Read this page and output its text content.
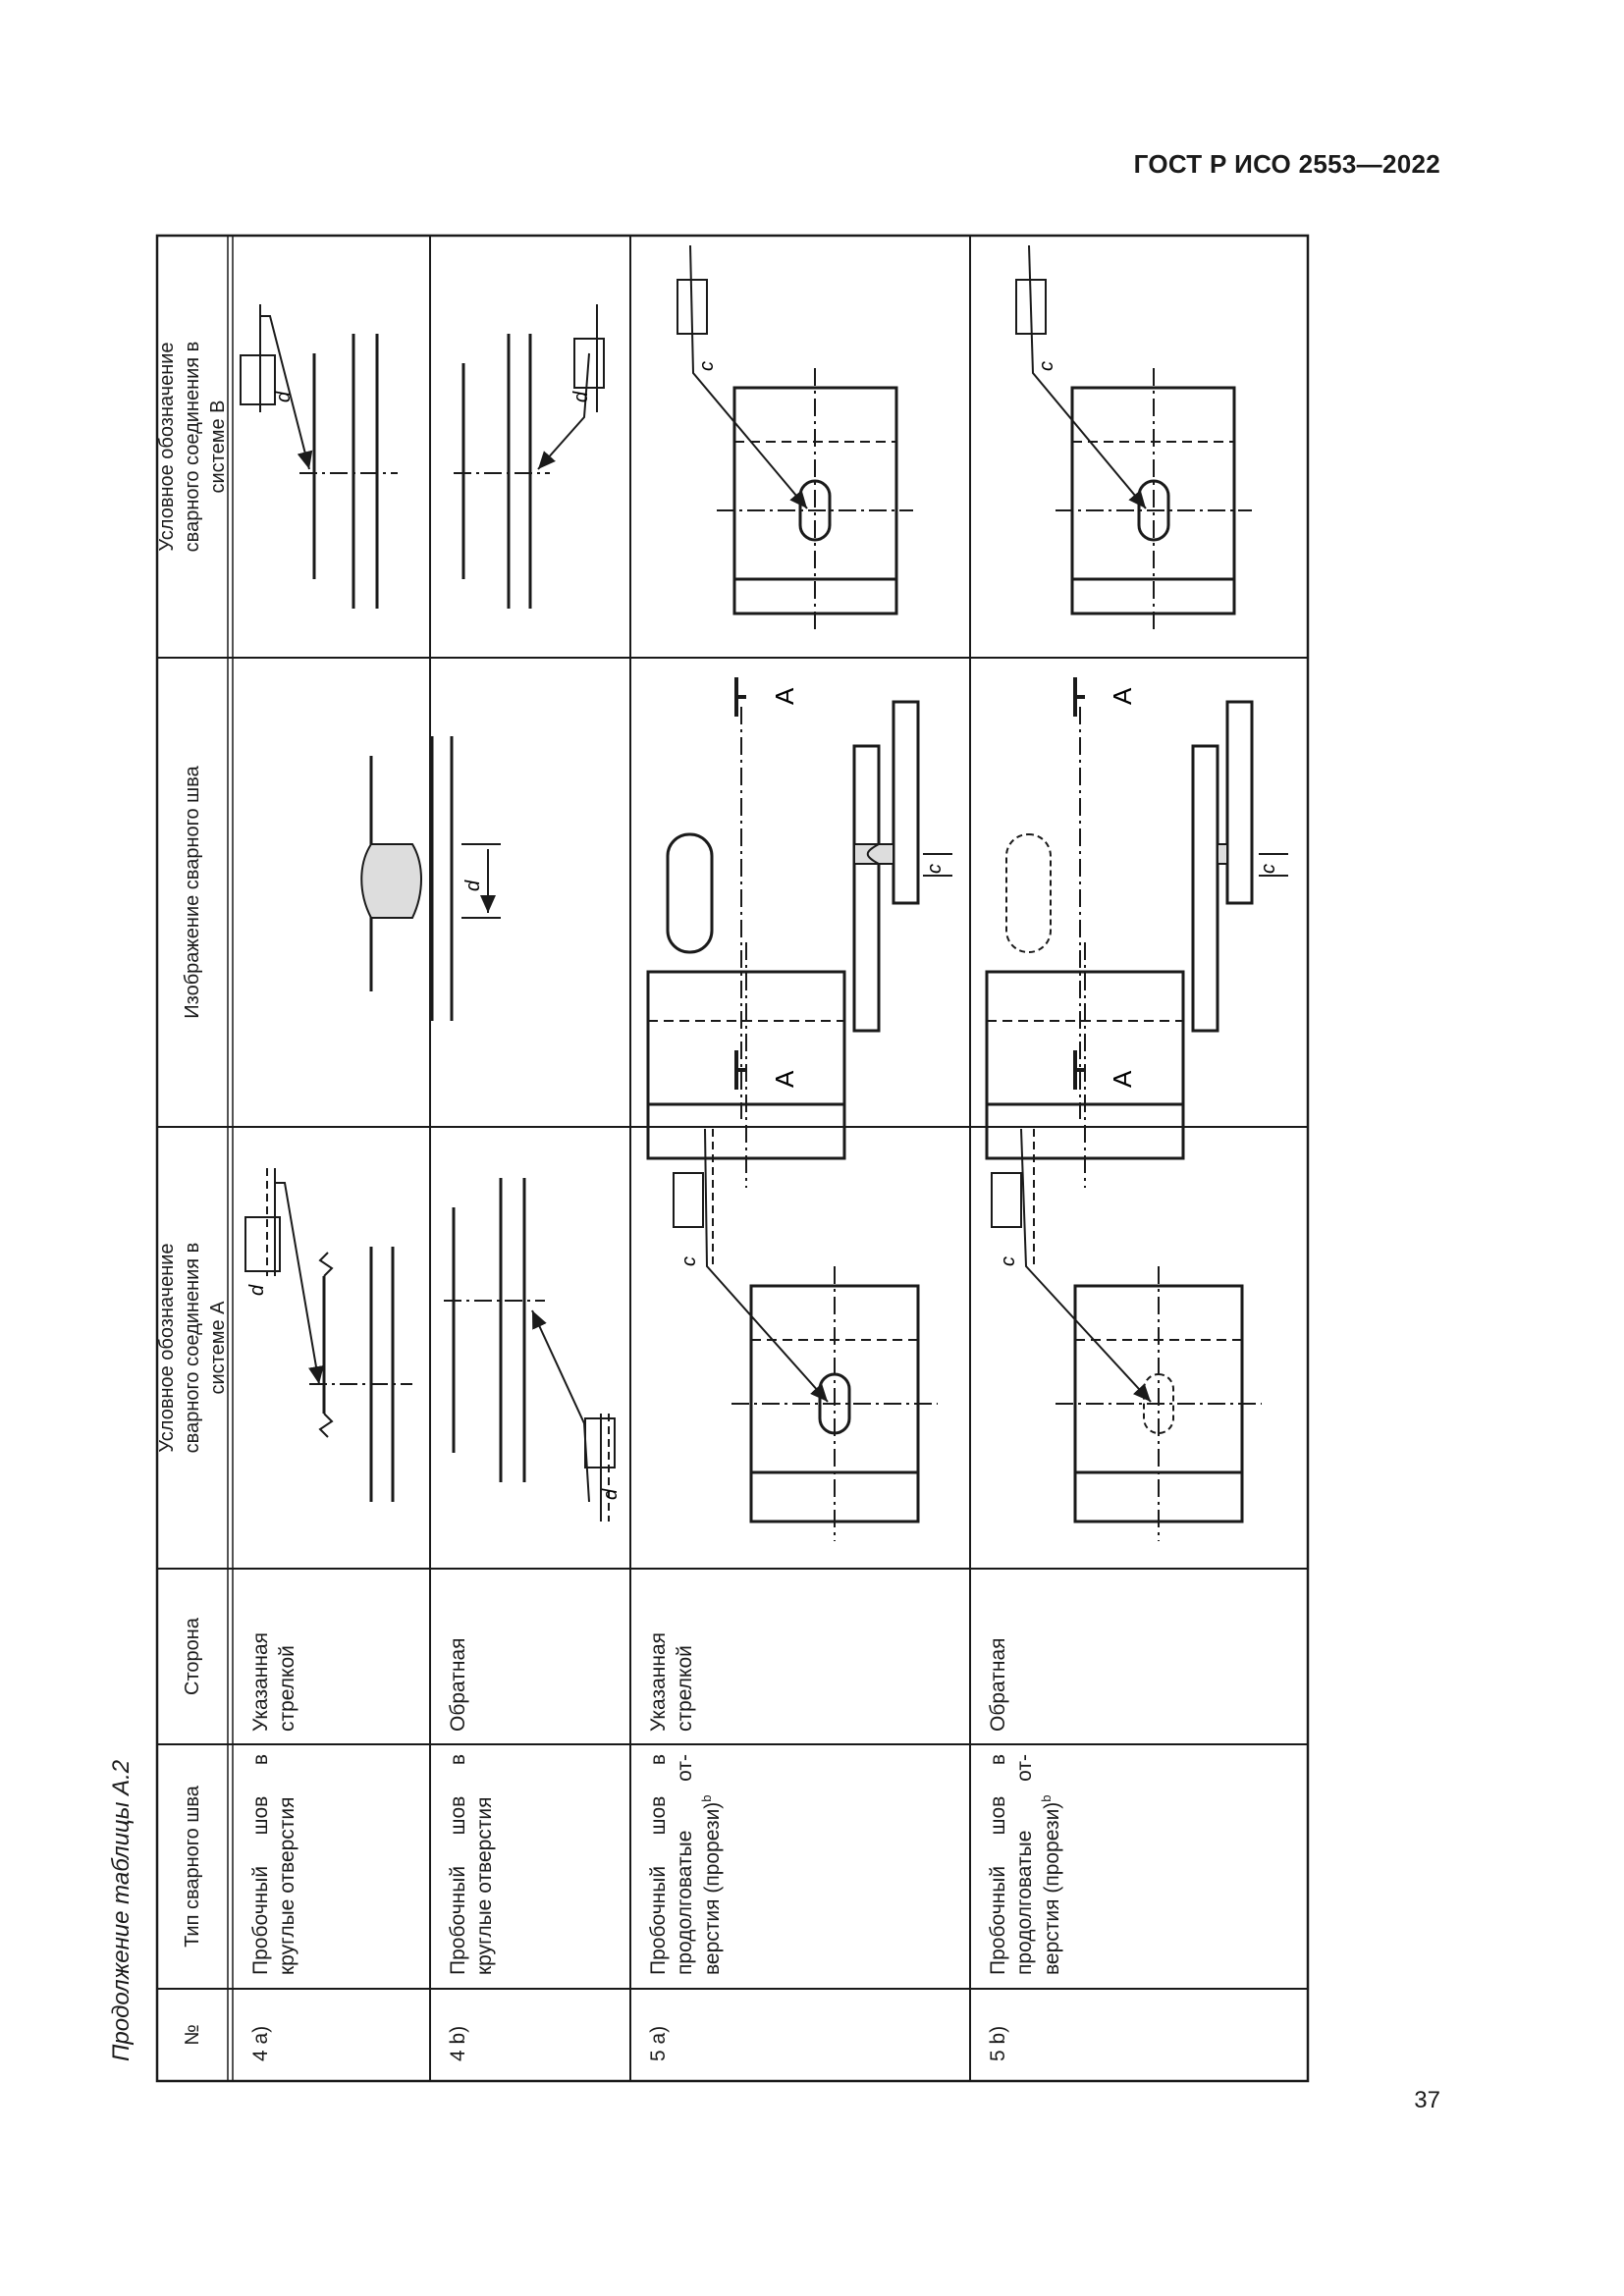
ГОСТ Р ИСО 2553—2022
Продолжение таблицы А.2
37
№
Тип сварного шва
Сторона
Условное обозначение сварного соединения в системе А
Изображение сварного шва
Условное обозначение сварного соединения в системе В
4 a)
Пробочный шов в круглые отверстия
Указанная стрелкой
4 b)
Пробочный шов в круглые отверстия
Обратная
5 a)
Пробочный шов в продолговатые от-верстия (прорези)$^b$
Указанная стрелкой
5 b)
Пробочный шов в продолговатые от-верстия (прорези)$^b$
Обратная
d
d
d
d	d
c
A
A
c
c
c
A
A
c
c
